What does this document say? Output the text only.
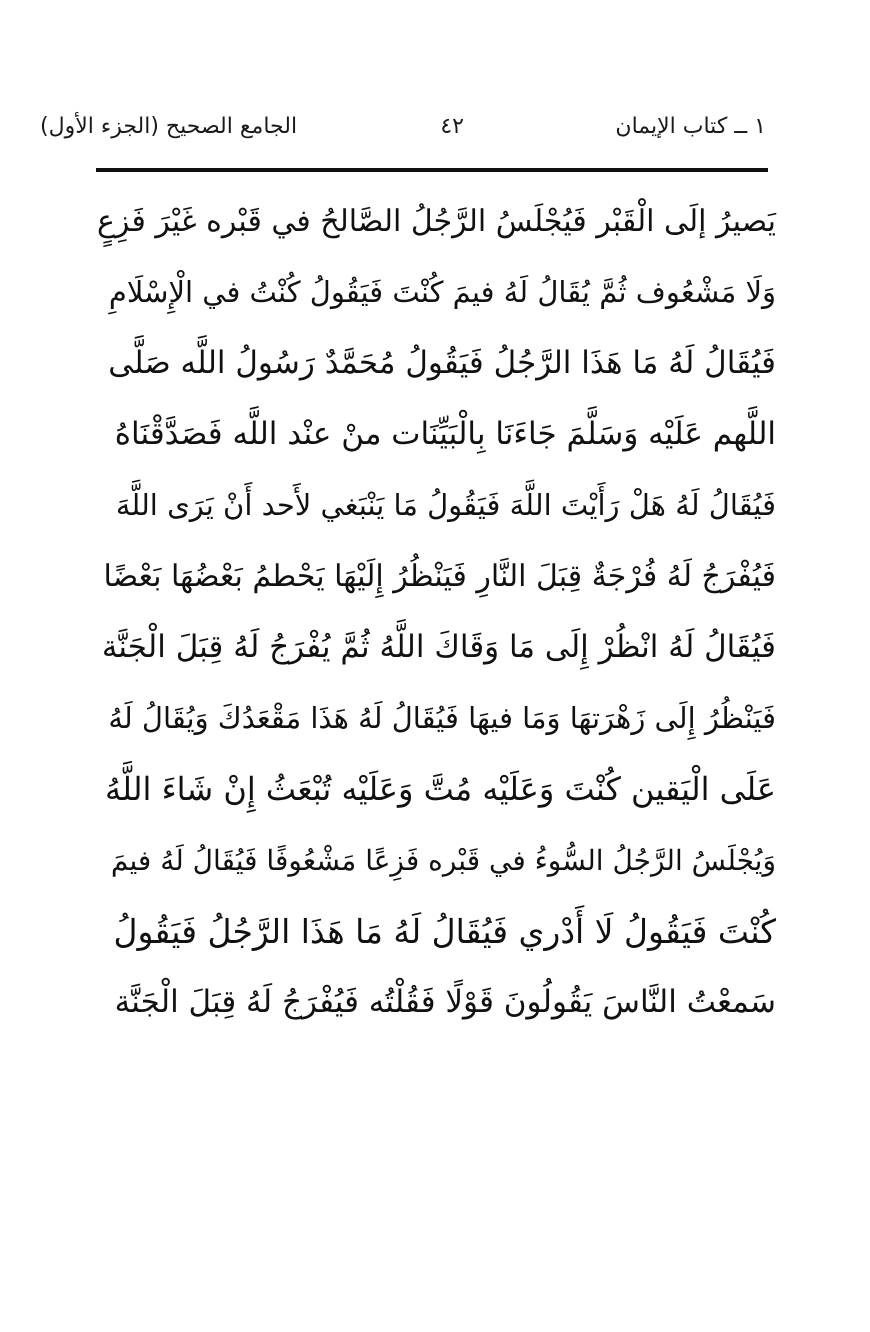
١ ــ كتاب الإيمان
٤٢
الجامع الصحيح (الجزء الأول)
يَصيرُ إلَى الْقَبْر فَيُجْلَسُ الرَّجُلُ الصَّالحُ في قَبْره غَيْرَ فَزِعٍ
وَلَا مَشْعُوف ثُمَّ يُقَالُ لَهُ فيمَ كُنْتَ فَيَقُولُ كُنْتُ في الْإِسْلَامِ
فَيُقَالُ لَهُ مَا هَذَا الرَّجُلُ فَيَقُولُ مُحَمَّدٌ رَسُولُ اللَّه صَلَّى
اللَّهم عَلَيْه وَسَلَّمَ جَاءَنَا بِالْبَيِّنَات منْ عنْد اللَّه فَصَدَّقْنَاهُ
فَيُقَالُ لَهُ هَلْ رَأَيْتَ اللَّهَ فَيَقُولُ مَا يَنْبَغي لأَحد أَنْ يَرَى اللَّهَ
فَيُفْرَجُ لَهُ فُرْجَةٌ قِبَلَ النَّارِ فَيَنْظُرُ إِلَيْهَا يَحْطمُ بَعْضُهَا بَعْضًا
فَيُقَالُ لَهُ انْظُرْ إِلَى مَا وَقَاكَ اللَّهُ ثُمَّ يُفْرَجُ لَهُ قِبَلَ الْجَنَّة
فَيَنْظُرُ إِلَى زَهْرَتهَا وَمَا فيهَا فَيُقَالُ لَهُ هَذَا مَقْعَدُكَ وَيُقَالُ لَهُ
عَلَى الْيَقين كُنْتَ وَعَلَيْه مُتَّ وَعَلَيْه تُبْعَثُ إِنْ شَاءَ اللَّهُ
وَيُجْلَسُ الرَّجُلُ السُّوءُ في قَبْره فَزِعًا مَشْعُوفًا فَيُقَالُ لَهُ فيمَ
كُنْتَ فَيَقُولُ لَا أَدْري فَيُقَالُ لَهُ مَا هَذَا الرَّجُلُ فَيَقُولُ
سَمعْتُ النَّاسَ يَقُولُونَ قَوْلًا فَقُلْتُه فَيُفْرَجُ لَهُ قِبَلَ الْجَنَّة
